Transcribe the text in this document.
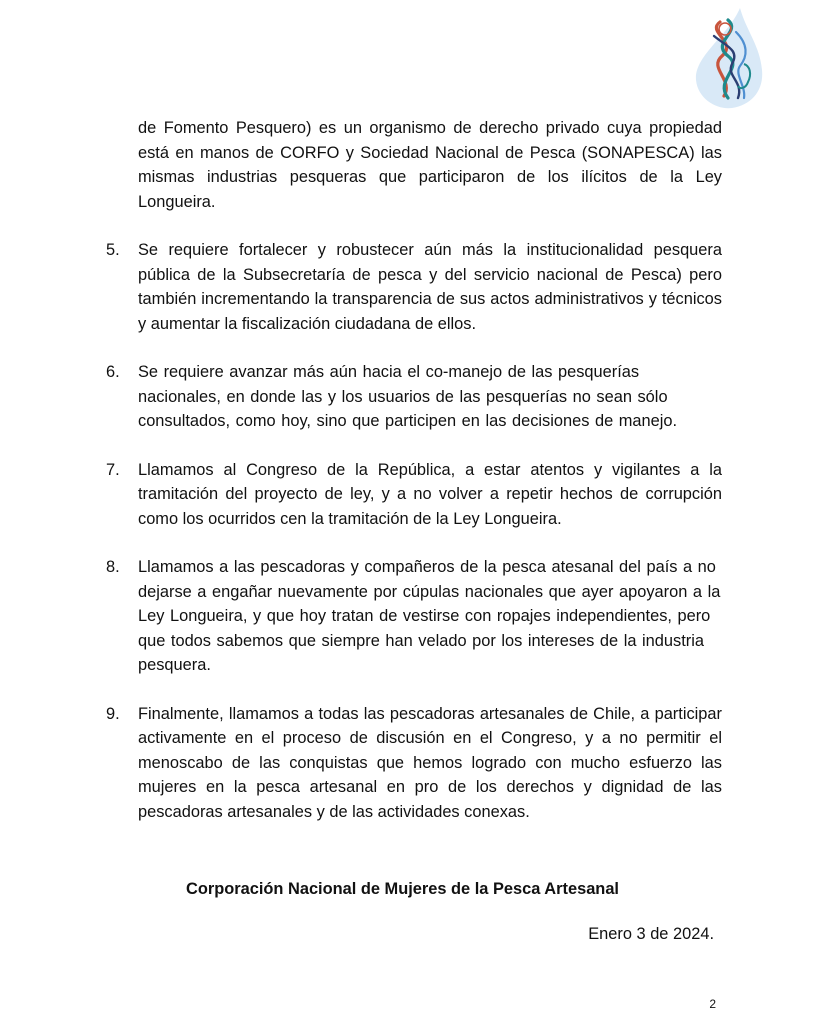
de Fomento Pesquero) es un organismo de derecho privado cuya propiedad está en manos de CORFO y Sociedad Nacional de Pesca (SONAPESCA) las mismas industrias pesqueras que participaron de los ilícitos de la Ley Longueira.

5. Se requiere fortalecer y robustecer aún más la institucionalidad pesquera pública de la Subsecretaría de pesca y del servicio nacional de Pesca) pero también incrementando la transparencia de sus actos administrativos y técnicos y aumentar la fiscalización ciudadana de ellos.

6. Se requiere avanzar más aún hacia el co-manejo de las pesquerías nacionales, en donde las y los usuarios de las pesquerías no sean sólo consultados, como hoy, sino que participen en las decisiones de manejo.

7. Llamamos al Congreso de la República, a estar atentos y vigilantes a la tramitación del proyecto de ley, y a no volver a repetir hechos de corrupción como los ocurridos cen la tramitación de la Ley Longueira.

8. Llamamos a las pescadoras y compañeros de la pesca atesanal del país a no dejarse a engañar nuevamente por cúpulas nacionales que ayer apoyaron a la Ley Longueira, y que hoy tratan de vestirse con ropajes independientes, pero que todos sabemos que siempre han velado por los intereses de la industria pesquera.

9. Finalmente, llamamos a todas las pescadoras artesanales de Chile, a participar activamente en el proceso de discusión en el Congreso, y a no permitir el menoscabo de las conquistas que hemos logrado con mucho esfuerzo las mujeres en la pesca artesanal en pro de los derechos y dignidad de las pescadoras artesanales y de las actividades conexas.

Corporación Nacional de Mujeres de la Pesca Artesanal

Enero 3 de 2024.

2
